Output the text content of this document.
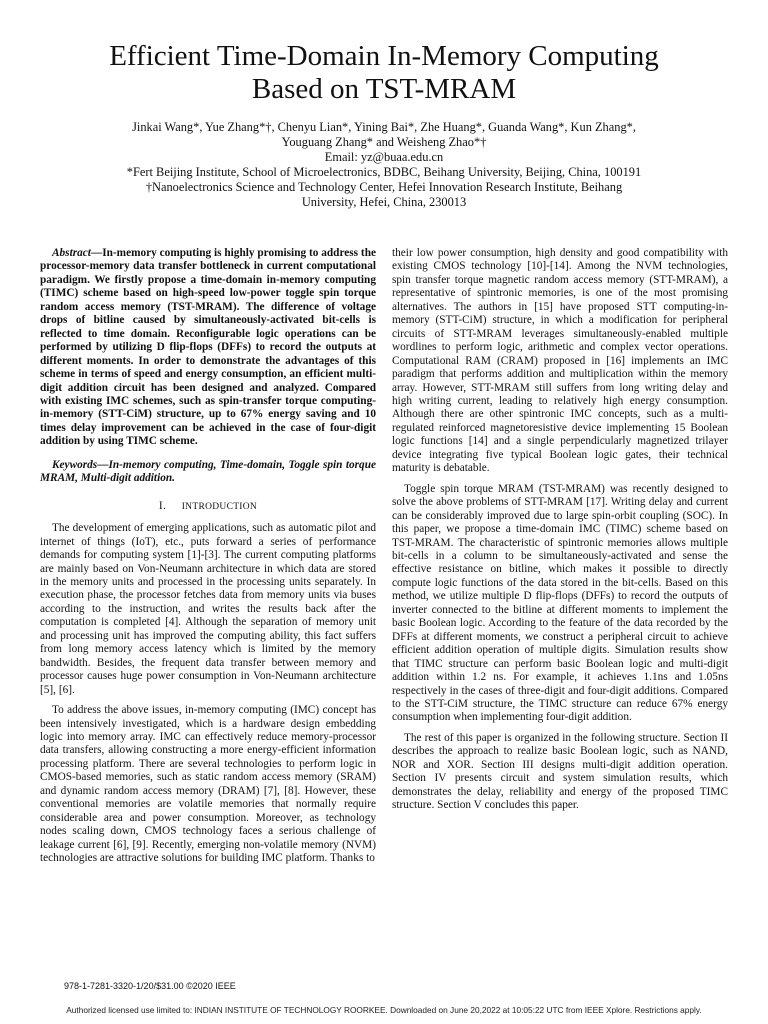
Efficient Time-Domain In-Memory Computing
Based on TST-MRAM
Jinkai Wang*, Yue Zhang*†, Chenyu Lian*, Yining Bai*, Zhe Huang*, Guanda Wang*, Kun Zhang*,
Youguang Zhang* and Weisheng Zhao*†
Email: yz@buaa.edu.cn
*Fert Beijing Institute, School of Microelectronics, BDBC, Beihang University, Beijing, China, 100191
†Nanoelectronics Science and Technology Center, Hefei Innovation Research Institute, Beihang
University, Hefei, China, 230013

Abstract—In-memory computing is highly promising to address the processor-memory data transfer bottleneck in current computational paradigm. We firstly propose a time-domain in-memory computing (TIMC) scheme based on high-speed low-power toggle spin torque random access memory (TST-MRAM). The difference of voltage drops of bitline caused by simultaneously-activated bit-cells is reflected to time domain. Reconfigurable logic operations can be performed by utilizing D flip-flops (DFFs) to record the outputs at different moments. In order to demonstrate the advantages of this scheme in terms of speed and energy consumption, an efficient multi-digit addition circuit has been designed and analyzed. Compared with existing IMC schemes, such as spin-transfer torque computing-in-memory (STT-CiM) structure, up to 67% energy saving and 10 times delay improvement can be achieved in the case of four-digit addition by using TIMC scheme.

Keywords—In-memory computing, Time-domain, Toggle spin torque MRAM, Multi-digit addition.

I. INTRODUCTION

The development of emerging applications, such as automatic pilot and internet of things (IoT), etc., puts forward a series of performance demands for computing system [1]-[3]. The current computing platforms are mainly based on Von-Neumann architecture in which data are stored in the memory units and processed in the processing units separately. In execution phase, the processor fetches data from memory units via buses according to the instruction, and writes the results back after the computation is completed [4]. Although the separation of memory unit and processing unit has improved the computing ability, this fact suffers from long memory access latency which is limited by the memory bandwidth. Besides, the frequent data transfer between memory and processor causes huge power consumption in Von-Neumann architecture [5], [6].

To address the above issues, in-memory computing (IMC) concept has been intensively investigated, which is a hardware design embedding logic into memory array. IMC can effectively reduce memory-processor data transfers, allowing constructing a more energy-efficient information processing platform. There are several technologies to perform logic in CMOS-based memories, such as static random access memory (SRAM) and dynamic random access memory (DRAM) [7], [8]. However, these conventional memories are volatile memories that normally require considerable area and power consumption. Moreover, as technology nodes scaling down, CMOS technology faces a serious challenge of leakage current [6], [9]. Recently, emerging non-volatile memory (NVM) technologies are attractive solutions for building IMC platform. Thanks to

their low power consumption, high density and good compatibility with existing CMOS technology [10]-[14]. Among the NVM technologies, spin transfer torque magnetic random access memory (STT-MRAM), a representative of spintronic memories, is one of the most promising alternatives. The authors in [15] have proposed STT computing-in-memory (STT-CiM) structure, in which a modification for peripheral circuits of STT-MRAM leverages simultaneously-enabled multiple wordlines to perform logic, arithmetic and complex vector operations. Computational RAM (CRAM) proposed in [16] implements an IMC paradigm that performs addition and multiplication within the memory array. However, STT-MRAM still suffers from long writing delay and high writing current, leading to relatively high energy consumption. Although there are other spintronic IMC concepts, such as a multi-regulated reinforced magnetoresistive device implementing 15 Boolean logic functions [14] and a single perpendicularly magnetized trilayer device integrating five typical Boolean logic gates, their technical maturity is debatable.

Toggle spin torque MRAM (TST-MRAM) was recently designed to solve the above problems of STT-MRAM [17]. Writing delay and current can be considerably improved due to large spin-orbit coupling (SOC). In this paper, we propose a time-domain IMC (TIMC) scheme based on TST-MRAM. The characteristic of spintronic memories allows multiple bit-cells in a column to be simultaneously-activated and sense the effective resistance on bitline, which makes it possible to directly compute logic functions of the data stored in the bit-cells. Based on this method, we utilize multiple D flip-flops (DFFs) to record the outputs of inverter connected to the bitline at different moments to implement the basic Boolean logic. According to the feature of the data recorded by the DFFs at different moments, we construct a peripheral circuit to achieve efficient addition operation of multiple digits. Simulation results show that TIMC structure can perform basic Boolean logic and multi-digit addition within 1.2 ns. For example, it achieves 1.1ns and 1.05ns respectively in the cases of three-digit and four-digit additions. Compared to the STT-CiM structure, the TIMC structure can reduce 67% energy consumption when implementing four-digit addition.

The rest of this paper is organized in the following structure. Section II describes the approach to realize basic Boolean logic, such as NAND, NOR and XOR. Section III designs multi-digit addition operation. Section IV presents circuit and system simulation results, which demonstrates the delay, reliability and energy of the proposed TIMC structure. Section V concludes this paper.

978-1-7281-3320-1/20/$31.00 ©2020 IEEE
Authorized licensed use limited to: INDIAN INSTITUTE OF TECHNOLOGY ROORKEE. Downloaded on June 20,2022 at 10:05:22 UTC from IEEE Xplore. Restrictions apply.
